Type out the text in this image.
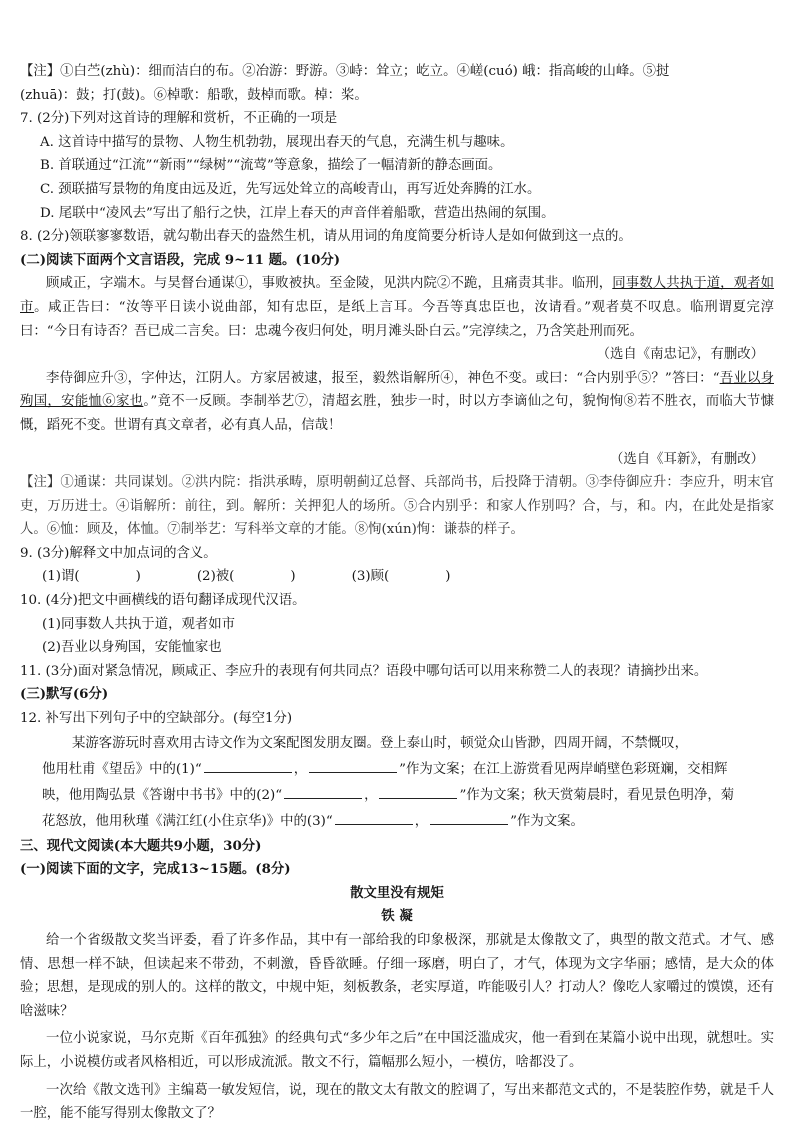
【注】①白苎(zhù)：细而洁白的布。②冶游：野游。③峙：耸立；屹立。④嵯(cuó) 峨：指高峻的山峰。⑤挝

(zhuā)：鼓；打(鼓)。⑥棹歌：船歌，鼓棹而歌。棹：桨。

7. (2分)下列对这首诗的理解和赏析，不正确的一项是

A. 这首诗中描写的景物、人物生机勃勃，展现出春天的气息，充满生机与趣味。

B. 首联通过“江流”“新雨”“绿树”“流莺”等意象，描绘了一幅清新的静态画面。

C. 颈联描写景物的角度由远及近，先写远处耸立的高峻青山，再写近处奔腾的江水。

D. 尾联中“凌风去”写出了船行之快，江岸上春天的声音伴着船歌，营造出热闹的氛围。

8. (2分)领联寥寥数语，就勾勒出春天的盎然生机，请从用词的角度简要分析诗人是如何做到这一点的。

(二)阅读下面两个文言语段，完成 9~11 题。(10分)

顾咸正，字端木。与昊督台通谋①，事败被执。至金陵，见洪内院②不跪，且痛责其非。临刑，同事数人共执于道，观者如市。咸正告曰：“汝等平日读小说曲部，知有忠臣，是纸上言耳。今吾等真忠臣也，汝请看。”观者莫不叹息。临刑谓夏完淳曰：“今日有诗否？吾已成二言矣。曰：忠魂今夜归何处，明月滩头卧白云。”完淳续之，乃含笑赴刑而死。

（选自《南忠记》，有删改）

李侍御应升③，字仲达，江阴人。方家居被逮，报至，毅然诣解所④，神色不变。或曰：“合内别乎⑤？”答曰：“吾业以身殉国，安能恤⑥家也。”竟不一反顾。李制举艺⑦，清超玄胜，独步一时，时以方李谪仙之句，貌恂恂⑧若不胜衣，而临大节慷慨，蹈死不变。世谓有真文章者，必有真人品，信哉！

（选自《耳新》，有删改）

【注】①通谋：共同谋划。②洪内院：指洪承畴，原明朝蓟辽总督、兵部尚书，后投降于清朝。③李侍御应升：李应升，明末官吏，万历进士。④诣解所：前往，到。解所：关押犯人的场所。⑤合内别乎：和家人作别吗？合，与，和。内，在此处是指家人。⑥恤：顾及，体恤。⑦制举艺：写科举文章的才能。⑧恂(xún)恂：谦恭的样子。

9. (3分)解释文中加点词的含义。

(1)谓(	)	(2)被(	)	(3)顾(	)

10. (4分)把文中画横线的语句翻译成现代汉语。

(1)同事数人共执于道，观者如市

(2)吾业以身殉国，安能恤家也

11. (3分)面对紧急情况，顾咸正、李应升的表现有何共同点？语段中哪句话可以用来称赞二人的表现？请摘抄出来。

(三)默写(6分)

12. 补写出下列句子中的空缺部分。(每空1分)

某游客游玩时喜欢用古诗文作为文案配图发朋友圈。登上泰山时，顿觉众山皆渺，四周开阔，不禁慨叹，

他用杜甫《望岳》中的(1)“	，	”作为文案；在江上游赏看见两岸峭壁色彩斑斓，交相辉

映，他用陶弘景《答谢中书书》中的(2)“	，	”作为文案；秋天赏菊晨时，看见景色明净，菊

花怒放，他用秋瑾《满江红(小住京华)》中的(3)“	，	”作为文案。

三、现代文阅读(本大题共9小题，30分)

(一)阅读下面的文字，完成13~15题。(8分)

散文里没有规矩

铁 凝

给一个省级散文奖当评委，看了许多作品，其中有一部给我的印象极深，那就是太像散文了，典型的散文范式。才气、感情、思想一样不缺，但读起来不带劲，不刺激，昏昏欲睡。仔细一琢磨，明白了，才气，体现为文字华丽；感情，是大众的体验；思想，是现成的别人的。这样的散文，中规中矩，刻板教条，老实厚道，咋能吸引人？打动人？像吃人家嚼过的馍馍，还有啥滋味？

一位小说家说，马尔克斯《百年孤独》的经典句式“多少年之后”在中国泛滥成灾，他一看到在某篇小说中出现，就想吐。实际上，小说模仿或者风格相近，可以形成流派。散文不行，篇幅那么短小，一模仿，啥都没了。

一次给《散文选刊》主编葛一敏发短信，说，现在的散文太有散文的腔调了，写出来都范文式的，不是装腔作势，就是千人一腔，能不能写得别太像散文了？
